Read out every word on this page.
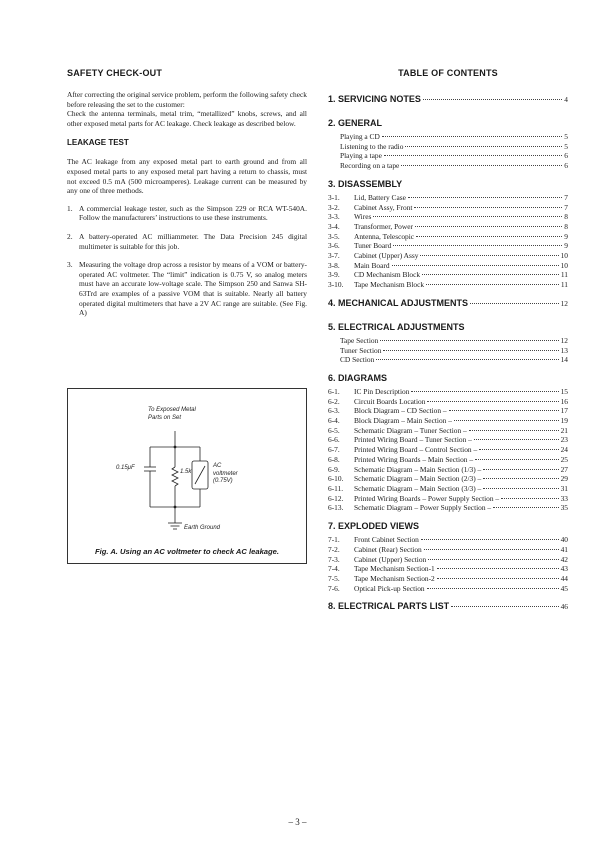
SAFETY CHECK-OUT

After correcting the original service problem, perform the following safety check before releasing the set to the customer:
Check the antenna terminals, metal trim, “metallized” knobs, screws, and all other exposed metal parts for AC leakage. Check leakage as described below.

LEAKAGE TEST

The AC leakage from any exposed metal part to earth ground and from all exposed metal parts to any exposed metal part having a return to chassis, must not exceed 0.5 mA (500 microamperes). Leakage current can be measured by any one of three methods.

1. A commercial leakage tester, such as the Simpson 229 or RCA WT-540A. Follow the manufacturers’ instructions to use these instruments.
2. A battery-operated AC milliammeter. The Data Precision 245 digital multimeter is suitable for this job.
3. Measuring the voltage drop across a resistor by means of a VOM or battery-operated AC voltmeter. The “limit” indication is 0.75 V, so analog meters must have an accurate low-voltage scale. The Simpson 250 and Sanwa SH-63Trd are examples of a passive VOM that is suitable. Nearly all battery operated digital multimeters that have a 2V AC range are suitable. (See Fig. A)
To Exposed Metal
Parts on Set
0.15μF
1.5k
AC
voltmeter
(0.75V)
Earth Ground
Fig. A. Using an AC voltmeter to check AC leakage.
TABLE OF CONTENTS
1. SERVICING NOTES	4
2. GENERAL
Playing a CD	5
Listening to the radio	5
Playing a tape	6
Recording on a tape	6
3. DISASSEMBLY
3-1.	Lid, Battery Case	7
3-2.	Cabinet Assy, Front	7
3-3.	Wires	8
3-4.	Transformer, Power	8
3-5.	Antenna, Telescopic	9
3-6.	Tuner Board	9
3-7.	Cabinet (Upper) Assy	10
3-8.	Main Board	10
3-9.	CD Mechanism Block	11
3-10.	Tape Mechanism Block	11
4. MECHANICAL ADJUSTMENTS	12
5. ELECTRICAL ADJUSTMENTS
Tape Section	12
Tuner Section	13
CD Section	14
6. DIAGRAMS
6-1.	IC Pin Description	15
6-2.	Circuit Boards Location	16
6-3.	Block Diagram – CD Section –	17
6-4.	Block Diagram – Main Section –	19
6-5.	Schematic Diagram – Tuner Section –	21
6-6.	Printed Wiring Board – Tuner Section –	23
6-7.	Printed Wiring Board – Control Section –	24
6-8.	Printed Wiring Boards – Main Section –	25
6-9.	Schematic Diagram – Main Section (1/3) –	27
6-10.	Schematic Diagram – Main Section (2/3) –	29
6-11.	Schematic Diagram – Main Section (3/3) –	31
6-12.	Printed Wiring Boards – Power Supply Section –	33
6-13.	Schematic Diagram – Power Supply Section –	35
7. EXPLODED VIEWS
7-1.	Front Cabinet Section	40
7-2.	Cabinet (Rear) Section	41
7-3.	Cabinet (Upper) Section	42
7-4.	Tape Mechanism Section-1	43
7-5.	Tape Mechanism Section-2	44
7-6.	Optical Pick-up Section	45
8. ELECTRICAL PARTS LIST	46
– 3 –
